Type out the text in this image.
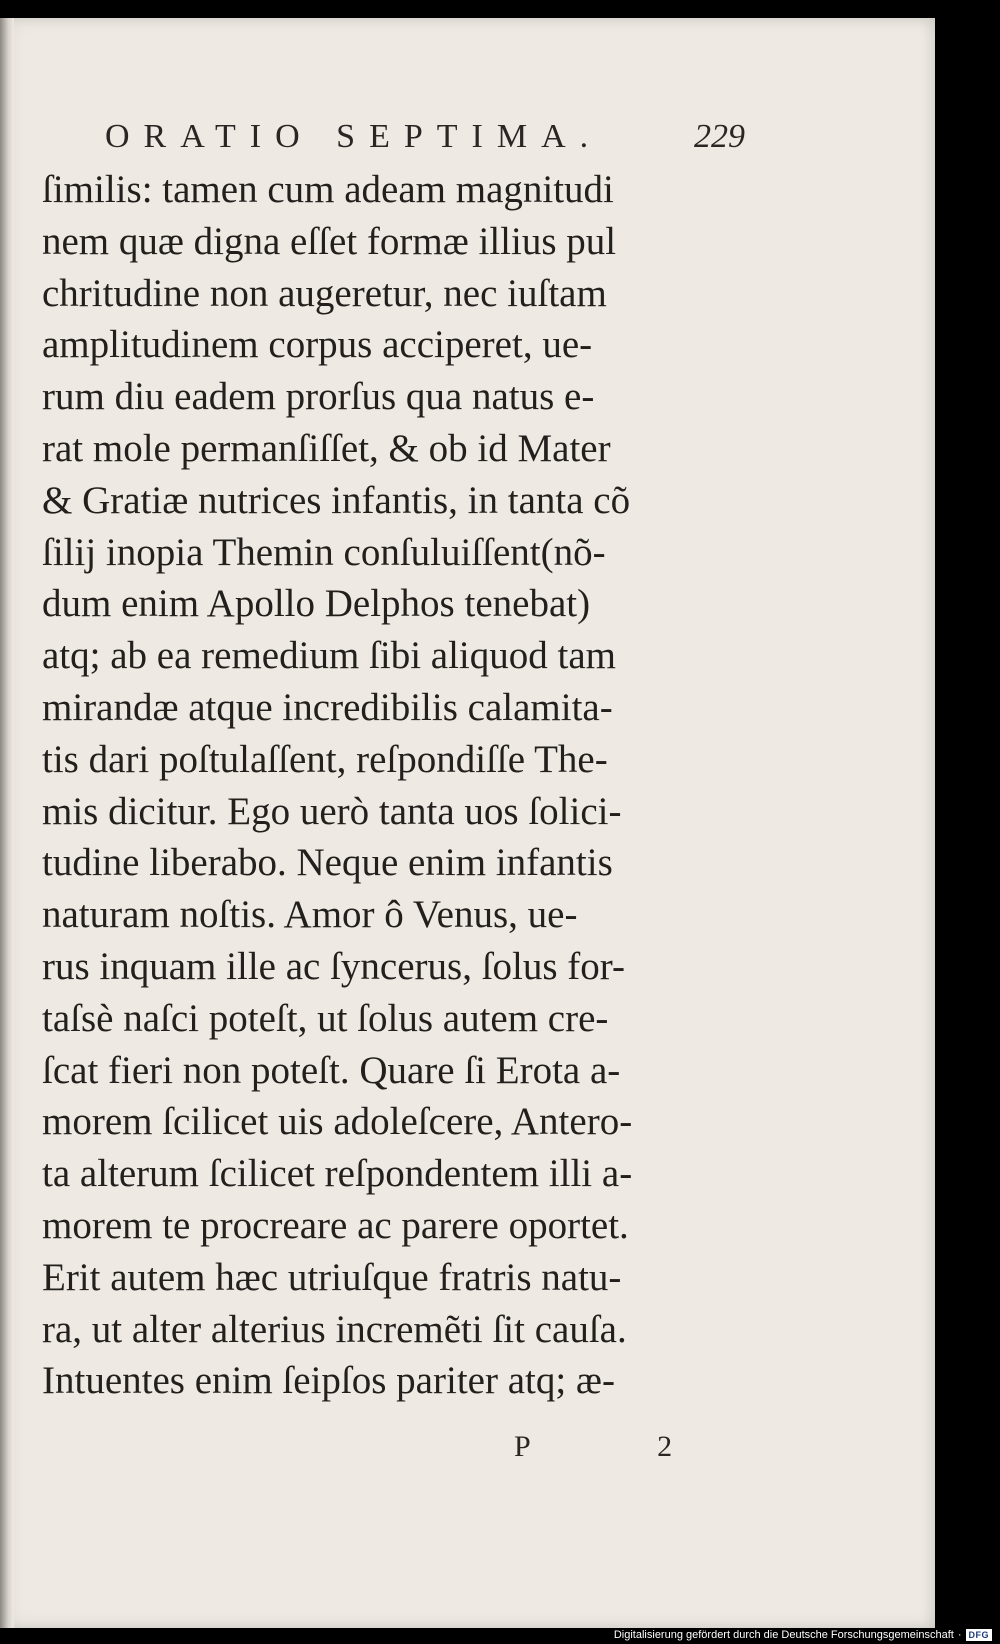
ORATIO SEPTIMA.	229
ſimilis: tamen cum adeam magnitudi
nem quæ digna eſſet formæ illius pul
chritudine non augeretur, nec iuſtam
amplitudinem corpus acciperet, ue-
rum diu eadem prorſus qua natus e-
rat mole permanſiſſet, & ob id Mater
& Gratiæ nutrices infantis, in tanta cõ
ſilij inopia Themin conſuluiſſent(nõ-
dum enim Apollo Delphos tenebat)
atq; ab ea remedium ſibi aliquod tam
mirandæ atque incredibilis calamita-
tis dari poſtulaſſent, reſpondiſſe The-
mis dicitur. Ego uerò tanta uos ſolici-
tudine liberabo. Neque enim infantis
naturam noſtis. Amor ô Venus, ue-
rus inquam ille ac ſyncerus, ſolus for-
taſsè naſci poteſt, ut ſolus autem cre-
ſcat fieri non poteſt. Quare ſi Erota a-
morem ſcilicet uis adoleſcere, Antero-
ta alterum ſcilicet reſpondentem illi a-
morem te procreare ac parere oportet.
Erit autem hæc utriuſque fratris natu-
ra, ut alter alterius incremẽti ſit cauſa.
Intuentes enim ſeipſos pariter atq; æ-
P 2
Digitalisierung gefördert durch die Deutsche Forschungsgemeinschaft · DFG
